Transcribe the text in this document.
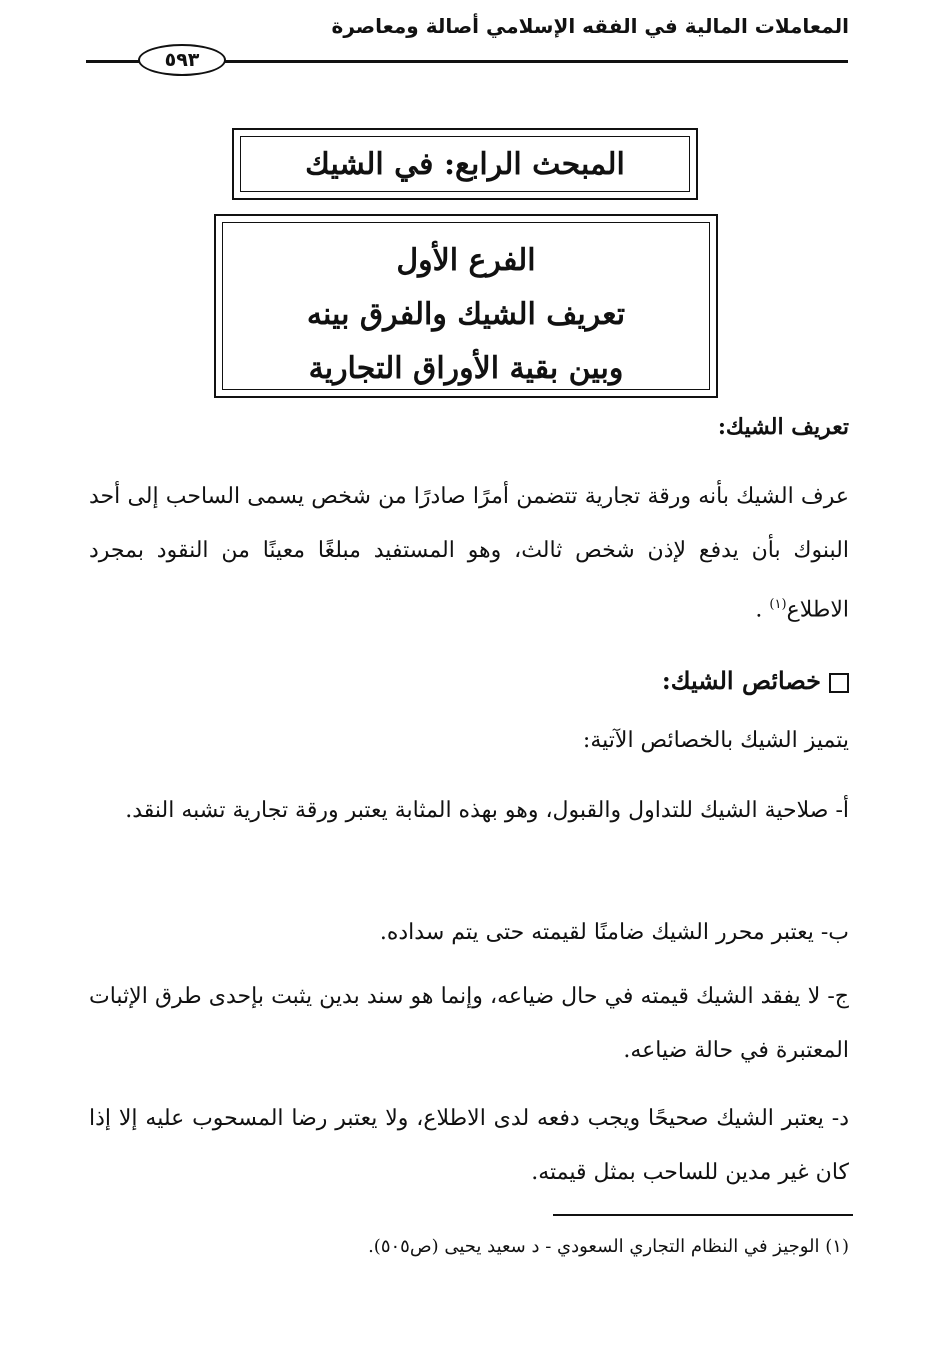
المعاملات المالية في الفقه الإسلامي أصالة ومعاصرة
٥٩٣
المبحث الرابع: في الشيك
الفرع الأول
تعريف الشيك والفرق بينه
وبين بقية الأوراق التجارية
تعريف الشيك:
عرف الشيك بأنه ورقة تجارية تتضمن أمرًا صادرًا من شخص يسمى الساحب إلى أحد البنوك بأن يدفع لإذن شخص ثالث، وهو المستفيد مبلغًا معينًا من النقود بمجرد الاطلاع$^{(١)}$ .
خصائص الشيك:
يتميز الشيك بالخصائص الآتية:
أ- صلاحية الشيك للتداول والقبول، وهو بهذه المثابة يعتبر ورقة تجارية تشبه النقد.
ب- يعتبر محرر الشيك ضامنًا لقيمته حتى يتم سداده.
ج- لا يفقد الشيك قيمته في حال ضياعه، وإنما هو سند بدين يثبت بإحدى طرق الإثبات المعتبرة في حالة ضياعه.
د- يعتبر الشيك صحيحًا ويجب دفعه لدى الاطلاع، ولا يعتبر رضا المسحوب عليه إلا إذا كان غير مدين للساحب بمثل قيمته.
(١) الوجيز في النظام التجاري السعودي - د سعيد يحيى (ص٥٠٥).
